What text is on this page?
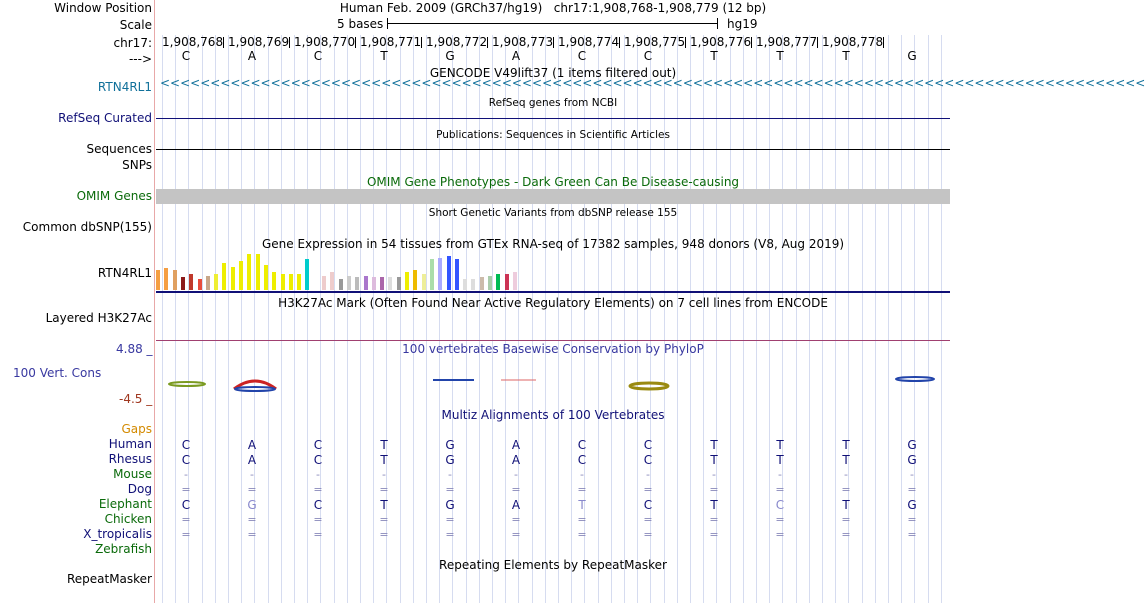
Window Position	Human Feb. 2009 (GRCh37/hg19)   chr17:1,908,768-1,908,779 (12 bp)
Scale	5 bases	hg19
chr17: 1,908,768 1,908,769 1,908,770 1,908,771 1,908,772 1,908,773 1,908,774 1,908,775 1,908,776 1,908,777 1,908,778
--->	C	A	C	T	G	A	C	C	T	T	T	G
GENCODE V49lift37 (1 items filtered out)
RTN4RL1 <<<<<<<<<<<<<<<<<<<<<<<<<<<<<<<<<<<<<<<<<<<<<<<<<<<<<<<<<<<<<<<<<<<<<<<<<<<<<<<<<<<<<<<<<<<<<<<<<<
RefSeq genes from NCBI
RefSeq Curated
Publications: Sequences in Scientific Articles
Sequences
SNPs
OMIM Gene Phenotypes - Dark Green Can Be Disease-causing
OMIM Genes
Short Genetic Variants from dbSNP release 155
Common dbSNP(155)
Gene Expression in 54 tissues from GTEx RNA-seq of 17382 samples, 948 donors (V8, Aug 2019)
RTN4RL1
H3K27Ac Mark (Often Found Near Active Regulatory Elements) on 7 cell lines from ENCODE
Layered H3K27Ac
4.88 _	100 vertebrates Basewise Conservation by PhyloP
100 Vert. Cons
-4.5 _
Multiz Alignments of 100 Vertebrates
Gaps
Human	C	A	C	T	G	A	C	C	T	T	T	G
Rhesus	C	A	C	T	G	A	C	C	T	T	T	G
Mouse	-	-	-	-	-	-	-	-	-	-	-	-
Dog	=	=	=	=	=	=	=	=	=	=	=	=
Elephant	C	G	C	T	G	A	T	C	T	C	T	G
Chicken	=	=	=	=	=	=	=	=	=	=	=	=
X_tropicalis	=	=	=	=	=	=	=	=	=	=	=	=
Zebrafish
Repeating Elements by RepeatMasker
RepeatMasker
